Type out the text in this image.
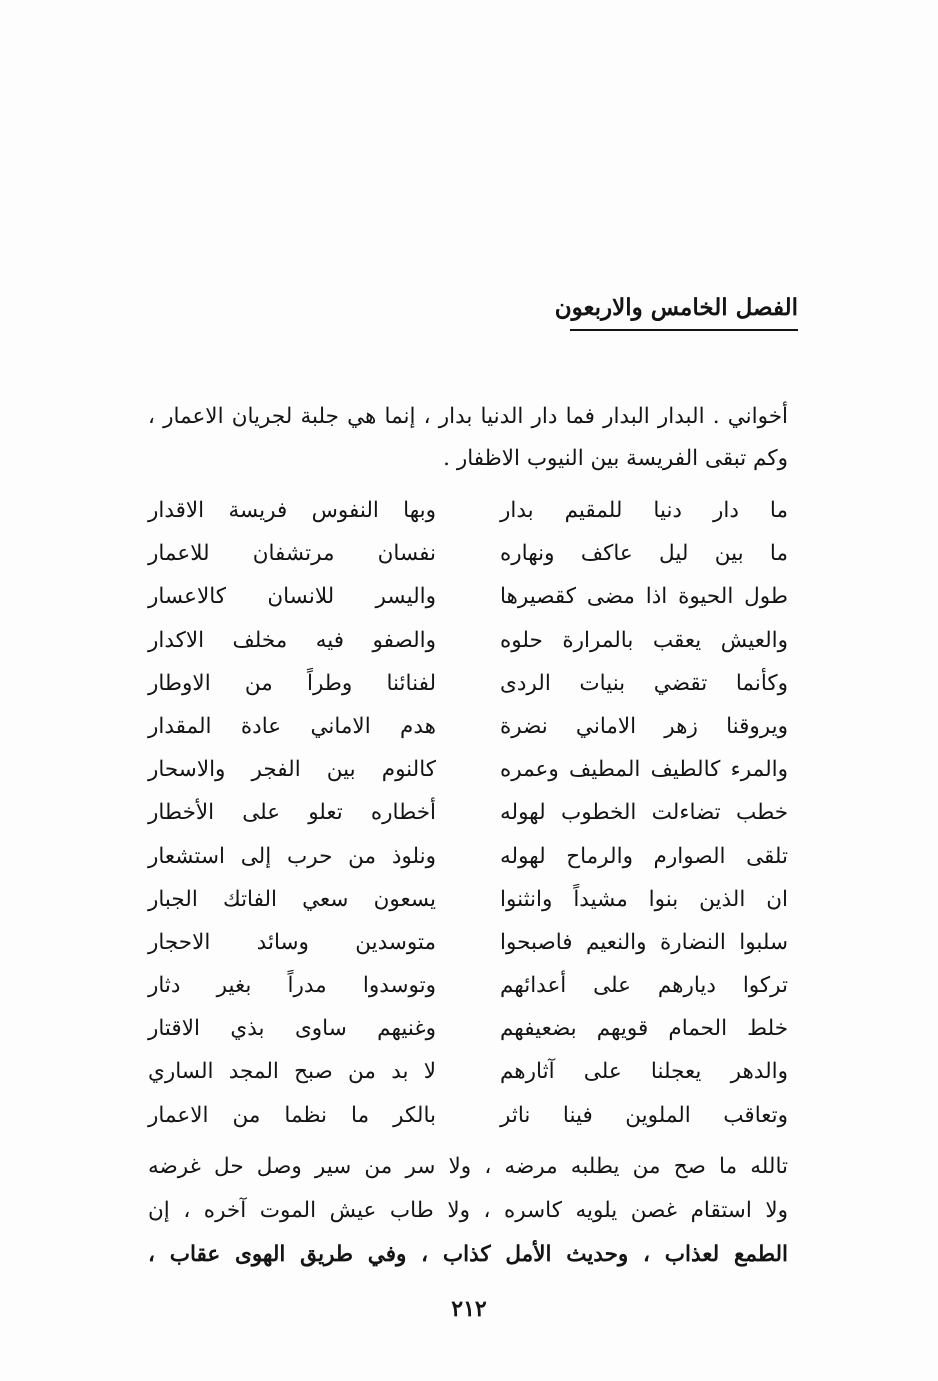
الفصل الخامس والاربعون

أخواني . البدار البدار فما دار الدنيا بدار ، إنما هي جلبة لجريان الاعمار ، وكم تبقى الفريسة بين النيوب الاظفار .

ما دار دنيا للمقيم بدار
وبها النفوس فريسة الاقدار
ما بين ليل عاكف ونهاره
نفسان مرتشفان للاعمار
طول الحيوة اذا مضى كقصيرها
واليسر للانسان كالاعسار
والعيش يعقب بالمرارة حلوه
والصفو فيه مخلف الاكدار
وكأنما تقضي بنيات الردى
لفنائنا وطراً من الاوطار
ويروقنا زهر الاماني نضرة
هدم الاماني عادة المقدار
والمرء كالطيف المطيف وعمره
كالنوم بين الفجر والاسحار
خطب تضاءلت الخطوب لهوله
أخطاره تعلو على الأخطار
تلقى الصوارم والرماح لهوله
ونلوذ من حرب إلى استشعار
ان الذين بنوا مشيداً وانثنوا
يسعون سعي الفاتك الجبار
سلبوا النضارة والنعيم فاصبحوا
متوسدين وسائد الاحجار
تركوا ديارهم على أعدائهم
وتوسدوا مدراً بغير دثار
خلط الحمام قويهم بضعيفهم
وغنيهم ساوى بذي الاقتار
والدهر يعجلنا على آثارهم
لا بد من صبح المجد الساري
وتعاقب الملوين فينا ناثر
بالكر ما نظما من الاعمار
تالله ما صح من يطلبه مرضه ، ولا سر من سير وصل حل غرضه
ولا استقام غصن يلويه كاسره ، ولا طاب عيش الموت آخره ، إن
الطمع لعذاب ، وحديث الأمل كذاب ، وفي طريق الهوى عقاب ،
٢١٢
